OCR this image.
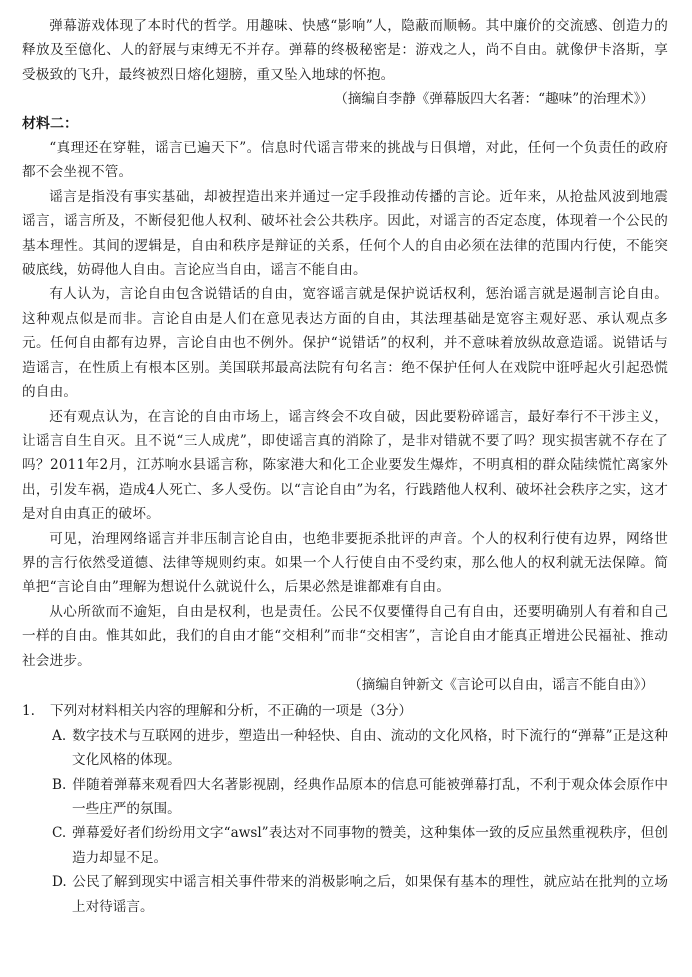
弹幕游戏体现了本时代的哲学。用趣味、快感“影响”人，隐蔽而顺畅。其中廉价的交流感、创造力的释放及至億化、人的舒展与束缚无不并存。弹幕的终极秘密是：游戏之人，尚不自由。就像伊卡洛斯，享受极致的飞升，最终被烈日熔化翅膀，重又坠入地球的怀抱。

（摘编自李静《弹幕版四大名著：“趣味”的治理术》）

材料二：

“真理还在穿鞋，谣言已遍天下”。信息时代谣言带来的挑战与日俱增，对此，任何一个负责任的政府都不会坐视不管。

谣言是指没有事实基础，却被捏造出来并通过一定手段推动传播的言论。近年来，从抢盐风波到地震谣言，谣言所及，不断侵犯他人权利、破坏社会公共秩序。因此，对谣言的否定态度，体现着一个公民的基本理性。其间的逻辑是，自由和秩序是辩证的关系，任何个人的自由必须在法律的范围内行使，不能突破底线，妨碍他人自由。言论应当自由，谣言不能自由。

有人认为，言论自由包含说错话的自由，宽容谣言就是保护说话权利，惩治谣言就是遏制言论自由。这种观点似是而非。言论自由是人们在意见表达方面的自由，其法理基础是宽容主观好恶、承认观点多元。任何自由都有边界，言论自由也不例外。保护“说错话”的权利，并不意味着放纵故意造谣。说错话与造谣言，在性质上有根本区别。美国联邦最高法院有句名言：绝不保护任何人在戏院中诳呼起火引起恐慌的自由。

还有观点认为，在言论的自由市场上，谣言终会不攻自破，因此要粉碎谣言，最好奉行不干涉主义，让谣言自生自灭。且不说“三人成虎”，即使谣言真的消除了，是非对错就不要了吗？现实损害就不存在了吗？2011年2月，江苏响水县谣言称，陈家港大和化工企业要发生爆炸，不明真相的群众陆续慌忙离家外出，引发车祸，造成4人死亡、多人受伤。以“言论自由”为名，行践踏他人权利、破坏社会秩序之实，这才是对自由真正的破坏。

可见，治理网络谣言并非压制言论自由，也绝非要扼杀批评的声音。个人的权利行使有边界，网络世界的言行依然受道德、法律等规则约束。如果一个人行使自由不受约束，那么他人的权利就无法保障。简单把“言论自由”理解为想说什么就说什么，后果必然是谁都难有自由。

从心所欲而不逾矩，自由是权利，也是责任。公民不仅要懂得自己有自由，还要明确别人有着和自己一样的自由。惟其如此，我们的自由才能“交相利”而非“交相害”，言论自由才能真正增进公民福祉、推动社会进步。

（摘编自钟新文《言论可以自由，谣言不能自由》）

1. 下列对材料相关内容的理解和分析，不正确的一项是（3分）

A. 数字技术与互联网的进步，塑造出一种轻快、自由、流动的文化风格，时下流行的“弹幕”正是这种文化风格的体现。

B. 伴随着弹幕来观看四大名著影视剧，经典作品原本的信息可能被弹幕打乱，不利于观众体会原作中一些庄严的氛围。

C. 弹幕爱好者们纷纷用文字“awsl”表达对不同事物的赞美，这种集体一致的反应虽然重视秩序，但创造力却显不足。

D. 公民了解到现实中谣言相关事件带来的消极影响之后，如果保有基本的理性，就应站在批判的立场上对待谣言。
